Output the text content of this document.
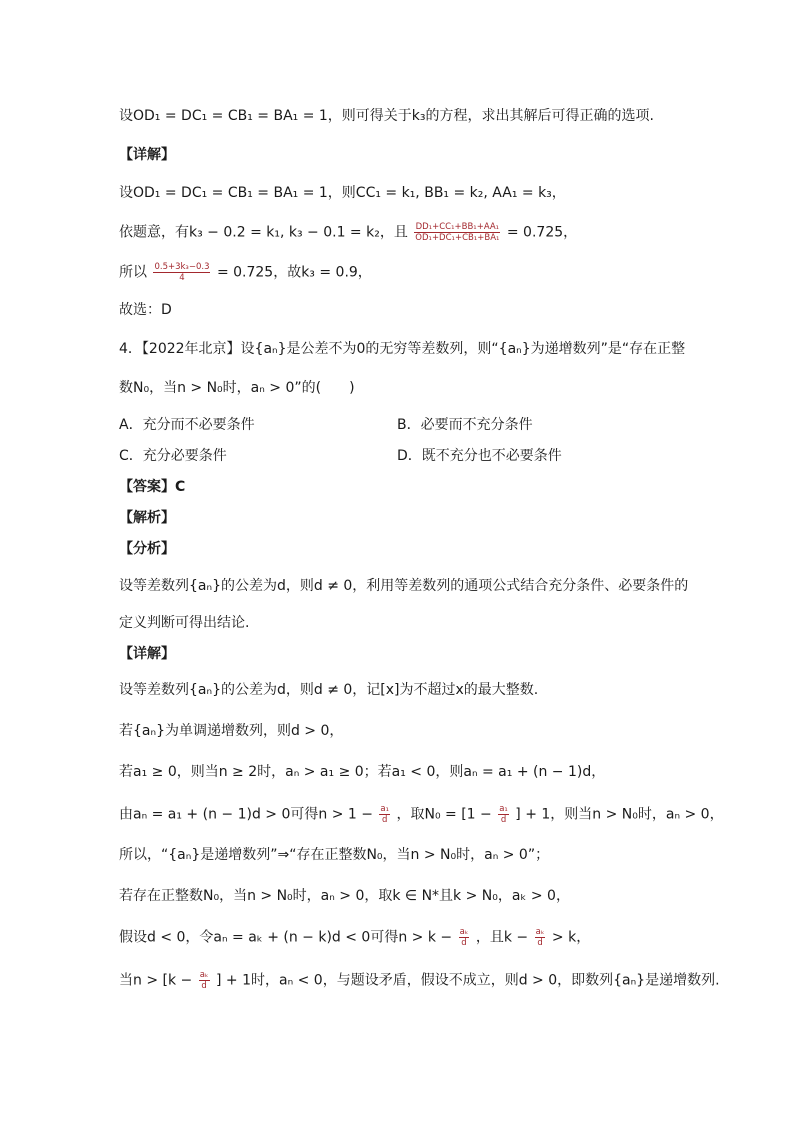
设OD₁ = DC₁ = CB₁ = BA₁ = 1，则可得关于k₃的方程，求出其解后可得正确的选项.
【详解】
设OD₁ = DC₁ = CB₁ = BA₁ = 1，则CC₁ = k₁, BB₁ = k₂, AA₁ = k₃，
依题意，有k₃ − 0.2 = k₁, k₃ − 0.1 = k₂，且 $\frac{\text{DD₁+CC₁+BB₁+AA₁}}{\text{OD₁+DC₁+CB₁+BA₁}} = 0.725$，
所以 $\frac{\text{0.5+3k₃−0.3}}{4} = 0.725$，故k₃ = 0.9，
故选：D
4．【2022年北京】设{aₙ}是公差不为0的无穷等差数列，则“{aₙ}为递增数列”是“存在正整
数N₀，当n > N₀时，aₙ > 0”的(　　)
A．充分而不必要条件	B．必要而不充分条件
C．充分必要条件	D．既不充分也不必要条件
【答案】C
【解析】
【分析】
设等差数列{aₙ}的公差为d，则d ≠ 0，利用等差数列的通项公式结合充分条件、必要条件的
定义判断可得出结论.
【详解】
设等差数列{aₙ}的公差为d，则d ≠ 0，记[x]为不超过x的最大整数.
若{aₙ}为单调递增数列，则d > 0，
若a₁ ≥ 0，则当n ≥ 2时，aₙ > a₁ ≥ 0；若a₁ < 0，则aₙ = a₁ + (n − 1)d，
由aₙ = a₁ + (n − 1)d > 0可得$n > 1 - \frac{\text{a₁}}{d}$ ，取$N_0 = [1 - \frac{\text{a₁}}{d}$ ] + 1，则当n > N₀时，aₙ > 0，
所以，“{aₙ}是递增数列”⇒“存在正整数N₀，当n > N₀时，aₙ > 0”；
若存在正整数N₀，当n > N₀时，aₙ > 0，取k ∈ N*且k > N₀，aₖ > 0，
假设d < 0，令aₙ = aₖ + (n − k)d < 0可得$n > k - \frac{\text{aₖ}}{d}$ ，且$k - \frac{\text{aₖ}}{d} > k$，
当$n > [k - \frac{\text{aₖ}}{d}$ ] + 1时，aₙ < 0，与题设矛盾，假设不成立，则d > 0，即数列{aₙ}是递增数列.
